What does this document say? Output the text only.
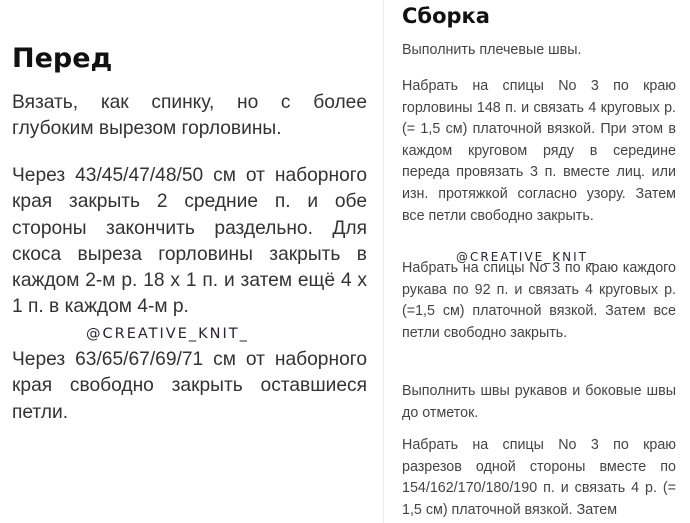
Перед

Вязать, как спинку, но с более глубоким вырезом горловины.

Через 43/45/47/48/50 см от наборного края закрыть 2 средние п. и обе стороны закончить раздельно. Для скоса выреза горловины закрыть в каждом 2-м р. 18 х 1 п. и затем ещё 4 х 1 п. в каждом 4-м р.

Через 63/65/67/69/71 см от наборного края свободно закрыть оставшиеся петли.

@CREATIVE_KNIT_
Сборка

Выполнить плечевые швы.

Набрать на спицы No 3 по краю горловины 148 п. и связать 4 круговых р. (= 1,5 см) платочной вязкой. При этом в каждом круговом ряду в середине переда провязать 3 п. вместе лиц. или изн. протяжкой согласно узору. Затем все петли свободно закрыть.

Набрать на спицы No 3 по краю каждого рукава по 92 п. и связать 4 круговых р. (=1,5 см) платочной вязкой. Затем все петли свободно закрыть.

Выполнить швы рукавов и боковые швы до отметок.

Набрать на спицы No 3 по краю разрезов одной стороны вместе по 154/162/170/180/190 п. и связать 4 р. (= 1,5 см) платочной вязкой. Затем

@CREATIVE_KNIT_
